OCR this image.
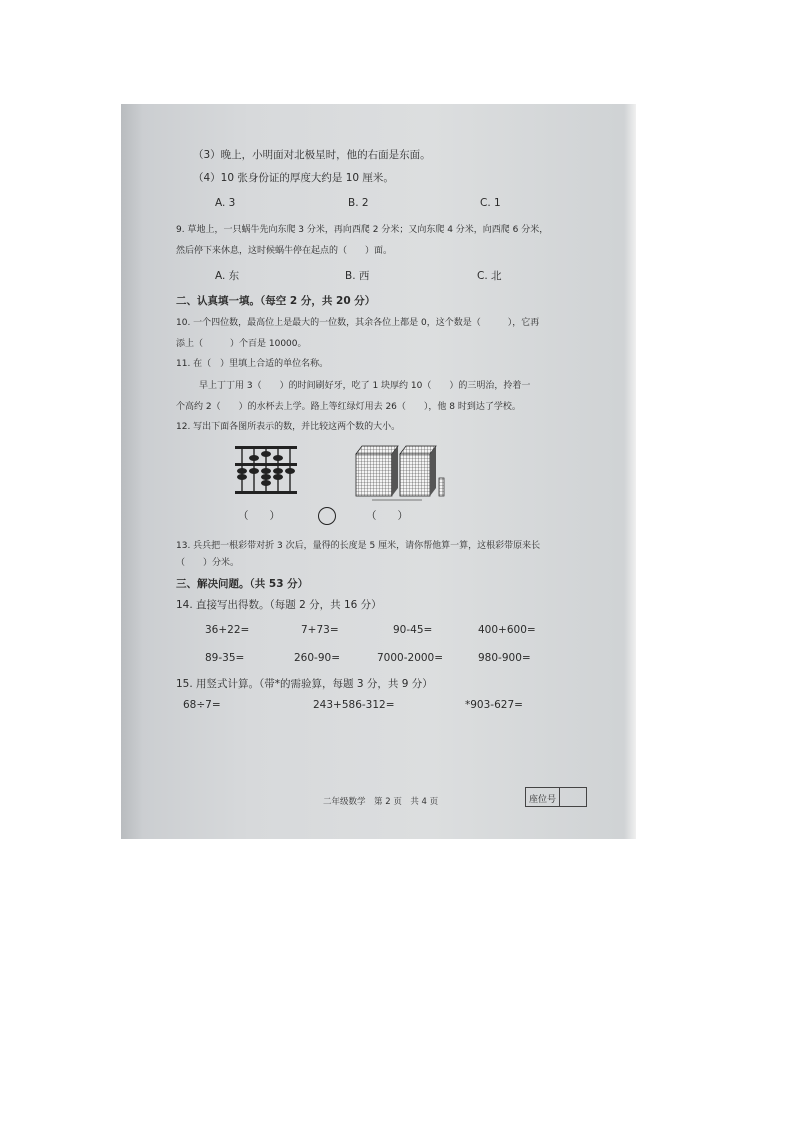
（3）晚上，小明面对北极星时，他的右面是东面。
（4）10 张身份证的厚度大约是 10 厘米。
A. 3	B. 2	C. 1
9. 草地上，一只蜗牛先向东爬 3 分米，再向西爬 2 分米；又向东爬 4 分米，向西爬 6 分米，
然后停下来休息，这时候蜗牛停在起点的（　　）面。
A. 东	B. 西	C. 北
二、认真填一填。（每空 2 分，共 20 分）
10. 一个四位数，最高位上是最大的一位数，其余各位上都是 0，这个数是（　　　），它再
添上（　　　）个百是 10000。
11. 在（　）里填上合适的单位名称。
早上丁丁用 3（　　）的时间刷好牙，吃了 1 块厚约 10（　　）的三明治，拎着一
个高约 2（　　）的水杯去上学。路上等红绿灯用去 26（　　），他 8 时到达了学校。
12. 写出下面各图所表示的数，并比较这两个数的大小。
（　　）	（　　）
13. 兵兵把一根彩带对折 3 次后，量得的长度是 5 厘米，请你帮他算一算，这根彩带原来长
（　　）分米。
三、解决问题。（共 53 分）
14. 直接写出得数。（每题 2 分，共 16 分）
36+22=	7+73=	90-45=	400+600=
89-35=	260-90=	7000-2000=	980-900=
15. 用竖式计算。（带*的需验算，每题 3 分，共 9 分）
68÷7=	243+586-312=	*903-627=
二年级数学　第 2 页　共 4 页	座位号
